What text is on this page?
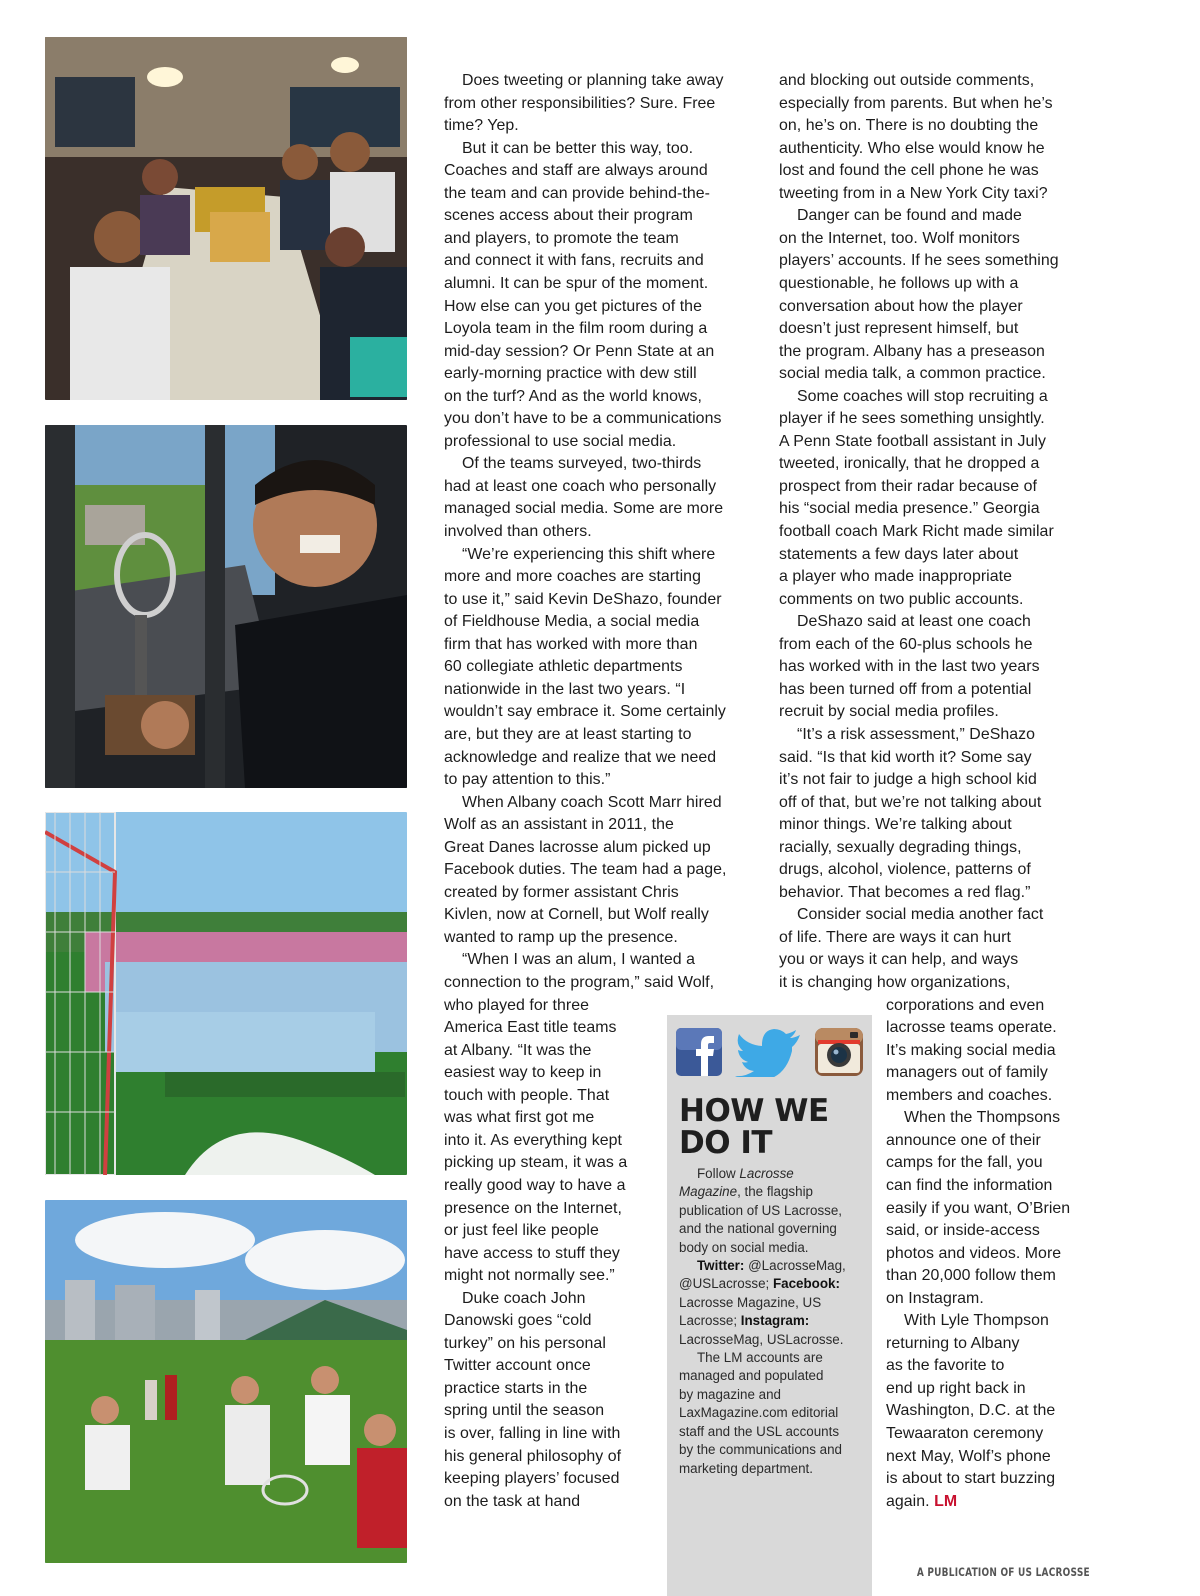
Does tweeting or planning take away
from other responsibilities? Sure. Free
time? Yep.
But it can be better this way, too.
Coaches and staff are always around
the team and can provide behind-the-
scenes access about their program
and players, to promote the team
and connect it with fans, recruits and
alumni. It can be spur of the moment.
How else can you get pictures of the
Loyola team in the film room during a
mid-day session? Or Penn State at an
early-morning practice with dew still
on the turf? And as the world knows,
you don’t have to be a communications
professional to use social media.
Of the teams surveyed, two-thirds
had at least one coach who personally
managed social media. Some are more
involved than others.
“We’re experiencing this shift where
more and more coaches are starting
to use it,” said Kevin DeShazo, founder
of Fieldhouse Media, a social media
firm that has worked with more than
60 collegiate athletic departments
nationwide in the last two years. “I
wouldn’t say embrace it. Some certainly
are, but they are at least starting to
acknowledge and realize that we need
to pay attention to this.”
When Albany coach Scott Marr hired
Wolf as an assistant in 2011, the
Great Danes lacrosse alum picked up
Facebook duties. The team had a page,
created by former assistant Chris
Kivlen, now at Cornell, but Wolf really
wanted to ramp up the presence.
“When I was an alum, I wanted a
connection to the program,” said Wolf,
who played for three
America East title teams
at Albany. “It was the
easiest way to keep in
touch with people. That
was what first got me
into it. As everything kept
picking up steam, it was a
really good way to have a
presence on the Internet,
or just feel like people
have access to stuff they
might not normally see.”
Duke coach John
Danowski goes “cold
turkey” on his personal
Twitter account once
practice starts in the
spring until the season
is over, falling in line with
his general philosophy of
keeping players’ focused
on the task at hand
and blocking out outside comments,
especially from parents. But when he’s
on, he’s on. There is no doubting the
authenticity. Who else would know he
lost and found the cell phone he was
tweeting from in a New York City taxi?
Danger can be found and made
on the Internet, too. Wolf monitors
players’ accounts. If he sees something
questionable, he follows up with a
conversation about how the player
doesn’t just represent himself, but
the program. Albany has a preseason
social media talk, a common practice.
Some coaches will stop recruiting a
player if he sees something unsightly.
A Penn State football assistant in July
tweeted, ironically, that he dropped a
prospect from their radar because of
his “social media presence.” Georgia
football coach Mark Richt made similar
statements a few days later about
a player who made inappropriate
comments on two public accounts.
DeShazo said at least one coach
from each of the 60-plus schools he
has worked with in the last two years
has been turned off from a potential
recruit by social media profiles.
“It’s a risk assessment,” DeShazo
said. “Is that kid worth it? Some say
it’s not fair to judge a high school kid
off of that, but we’re not talking about
minor things. We’re talking about
racially, sexually degrading things,
drugs, alcohol, violence, patterns of
behavior. That becomes a red flag.”
Consider social media another fact
of life. There are ways it can hurt
you or ways it can help, and ways
it is changing how organizations,
corporations and even
lacrosse teams operate.
It’s making social media
managers out of family
members and coaches.
When the Thompsons
announce one of their
camps for the fall, you
can find the information
easily if you want, O’Brien
said, or inside-access
photos and videos. More
than 20,000 follow them
on Instagram.
With Lyle Thompson
returning to Albany
as the favorite to
end up right back in
Washington, D.C. at the
Tewaaraton ceremony
next May, Wolf’s phone
is about to start buzzing
again. LM
HOW WE
DO IT
Follow Lacrosse
Magazine, the flagship
publication of US Lacrosse,
and the national governing
body on social media.
Twitter: @LacrosseMag,
@USLacrosse; Facebook:
Lacrosse Magazine, US
Lacrosse; Instagram:
LacrosseMag, USLacrosse.
The LM accounts are
managed and populated
by magazine and
LaxMagazine.com editorial
staff and the USL accounts
by the communications and
marketing department.
A PUBLICATION OF US LACROSSE
